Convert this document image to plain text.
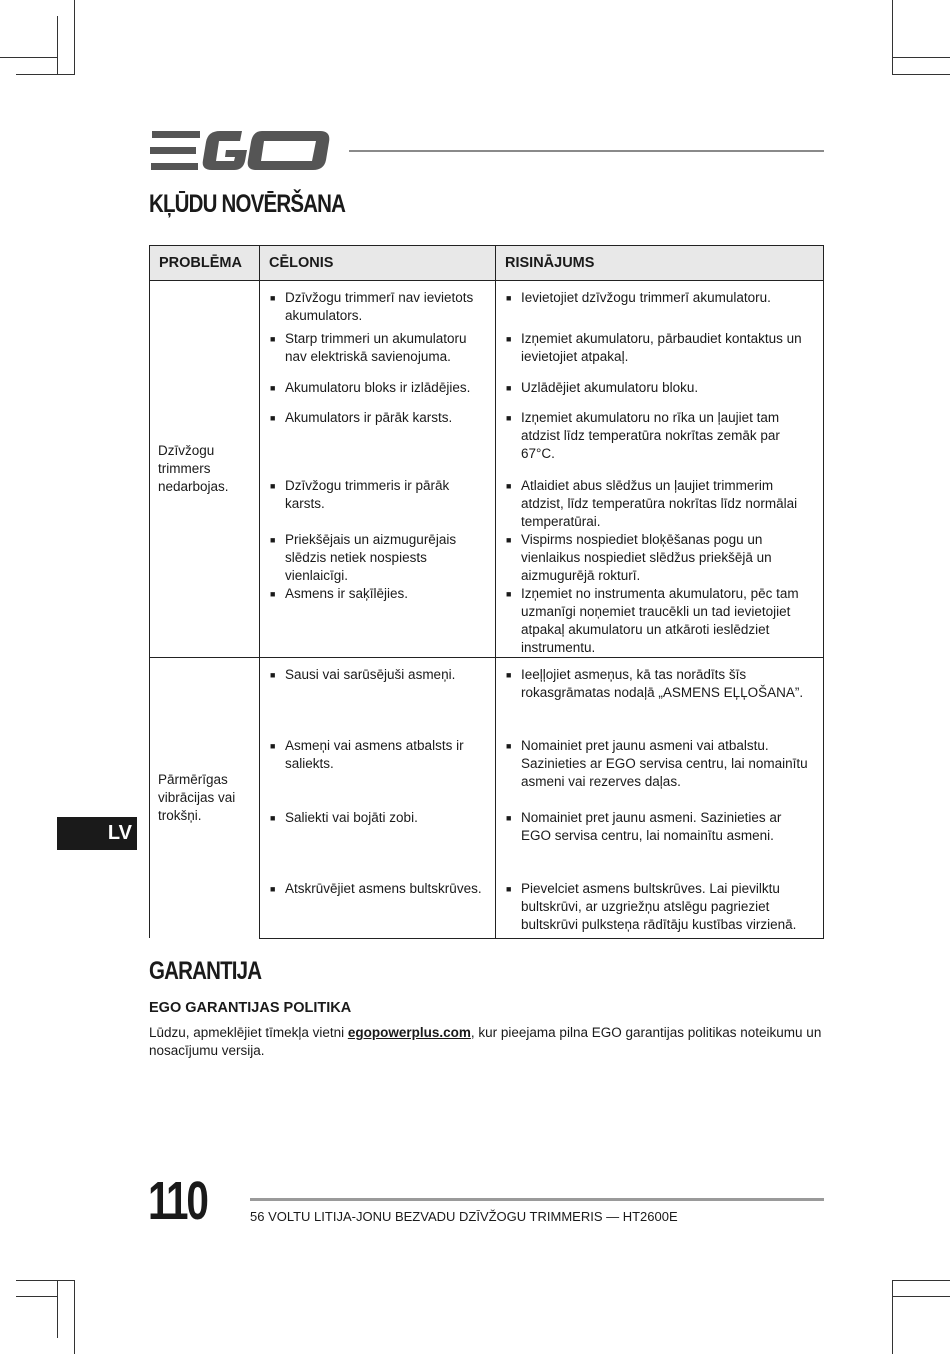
KĻŪDU NOVĒRŠANA
PROBLĒMA	CĒLONIS	RISINĀJUMS

Dzīvžogu trimmers nedarbojas.	■ Dzīvžogu trimmerī nav ievietots akumulators.	■ Ievietojiet dzīvžogu trimmerī akumulatoru.

	■ Starp trimmeri un akumulatoru nav elektriskā savienojuma.	■ Izņemiet akumulatoru, pārbaudiet kontaktus un ievietojiet atpakaļ.

	■ Akumulatoru bloks ir izlādējies.	■ Uzlādējiet akumulatoru bloku.

	■ Akumulators ir pārāk karsts.	■ Izņemiet akumulatoru no rīka un ļaujiet tam atdzist līdz temperatūra nokrītas zemāk par 67°C.

	■ Dzīvžogu trimmeris ir pārāk karsts.	■ Atlaidiet abus slēdžus un ļaujiet trimmerim atdzist, līdz temperatūra nokrītas līdz normālai temperatūrai.

	■ Priekšējais un aizmugurējais slēdzis netiek nospiests vienlaicīgi.	■ Vispirms nospiediet bloķēšanas pogu un vienlaikus nospiediet slēdžus priekšējā un aizmugurējā rokturī.

	■ Asmens ir saķīlējies.	■ Izņemiet no instrumenta akumulatoru, pēc tam uzmanīgi noņemiet traucēkli un tad ievietojiet atpakaļ akumulatoru un atkāroti ieslēdziet instrumentu.

Pārmērīgas vibrācijas vai trokšņi.	■ Sausi vai sarūsējuši asmeņi.	■ Ieeļļojiet asmeņus, kā tas norādīts šīs rokasgrāmatas nodaļā „ASMENS EĻĻOŠANA”.

	■ Asmeņi vai asmens atbalsts ir saliekts.	■ Nomainiet pret jaunu asmeni vai atbalstu. Sazinieties ar EGO servisa centru, lai nomainītu asmeni vai rezerves daļas.

	■ Saliekti vai bojāti zobi.	■ Nomainiet pret jaunu asmeni. Sazinieties ar EGO servisa centru, lai nomainītu asmeni.

	■ Atskrūvējiet asmens bultskrūves.	■ Pievelciet asmens bultskrūves. Lai pievilktu bultskrūvi, ar uzgriežņu atslēgu pagrieziet bultskrūvi pulksteņa rādītāju kustības virzienā.
LV
GARANTIJA
EGO GARANTIJAS POLITIKA

Lūdzu, apmeklējiet tīmekļa vietni egopowerplus.com, kur pieejama pilna EGO garantijas politikas noteikumu un nosacījumu versija.

110	56 VOLTU LITIJA-JONU BEZVADU DZĪVŽOGU TRIMMERIS — HT2600E
